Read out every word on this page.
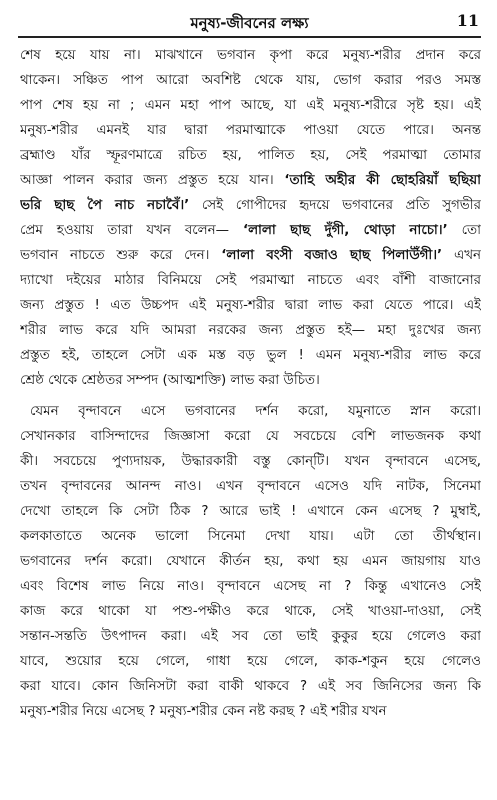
মনুষ্য-জীবনের লক্ষ্য	11
শেষ হয়ে যায় না। মাঝখানে ভগবান কৃপা করে মনুষ্য-শরীর প্রদান করে
থাকেন। সঞ্চিত পাপ আরো অবশিষ্ট থেকে যায়, ভোগ করার পরও সমস্ত
পাপ শেষ হয় না ; এমন মহা পাপ আছে, যা এই মনুষ্য-শরীরে সৃষ্ট হয়। এই
মনুষ্য-শরীর এমনই যার দ্বারা পরমাত্মাকে পাওয়া যেতে পারে। অনন্ত
ব্রহ্মাণ্ড যাঁর স্ফূরণমাত্রে রচিত হয়, পালিত হয়, সেই পরমাত্মা তোমার
আজ্ঞা পালন করার জন্য প্রস্তুত হয়ে যান। ‘তাহি অহীর কী ছোহরিয়াঁ ছছিয়া
ভরি ছাছ পৈ নাচ নচাবৈঁ।’ সেই গোপীদের হৃদয়ে ভগবানের প্রতি সুগভীর
প্রেম হওয়ায় তারা যখন বলেন— ‘লালা ছাছ দুঁগী, থোড়া নাচো।’ তো
ভগবান নাচতে শুরু করে দেন। ‘লালা বংসী বজাও ছাছ পিলাউঁগী।’ এখন
দ্যাখো দইয়ের মাঠার বিনিময়ে সেই পরমাত্মা নাচতে এবং বাঁশী বাজানোর
জন্য প্রস্তুত ! এত উচ্চপদ এই মনুষ্য-শরীর দ্বারা লাভ করা যেতে পারে। এই
শরীর লাভ করে যদি আমরা নরকের জন্য প্রস্তুত হই— মহা দুঃখের জন্য
প্রস্তুত হই, তাহলে সেটা এক মস্ত বড় ভুল ! এমন মনুষ্য-শরীর লাভ করে
শ্রেষ্ঠ থেকে শ্রেষ্ঠতর সম্পদ (আত্মশক্তি) লাভ করা উচিত।
যেমন বৃন্দাবনে এসে ভগবানের দর্শন করো, যমুনাতে স্নান করো।
সেখানকার বাসিন্দাদের জিজ্ঞাসা করো যে সবচেয়ে বেশি লাভজনক কথা
কী। সবচেয়ে পুণ্যদায়ক, উদ্ধারকারী বস্তু কোন্‌টি। যখন বৃন্দাবনে এসেছ,
তখন বৃন্দাবনের আনন্দ নাও। এখন বৃন্দাবনে এসেও যদি নাটক, সিনেমা
দেখো তাহলে কি সেটা ঠিক ? আরে ভাই ! এখানে কেন এসেছ ? মুম্বাই,
কলকাতাতে অনেক ভালো সিনেমা দেখা যায়। এটা তো তীর্থস্থান।
ভগবানের দর্শন করো। যেখানে কীর্তন হয়, কথা হয় এমন জায়গায় যাও
এবং বিশেষ লাভ নিয়ে নাও। বৃন্দাবনে এসেছ না ? কিন্তু এখানেও সেই
কাজ করে থাকো যা পশু-পক্ষীও করে থাকে, সেই খাওয়া-দাওয়া, সেই
সন্তান-সন্ততি উৎপাদন করা। এই সব তো ভাই কুকুর হয়ে গেলেও করা
যাবে, শুয়োর হয়ে গেলে, গাধা হয়ে গেলে, কাক-শকুন হয়ে গেলেও
করা যাবে। কোন জিনিসটা করা বাকী থাকবে ? এই সব জিনিসের জন্য কি
মনুষ্য-শরীর নিয়ে এসেছ ? মনুষ্য-শরীর কেন নষ্ট করছ ? এই শরীর যখন
